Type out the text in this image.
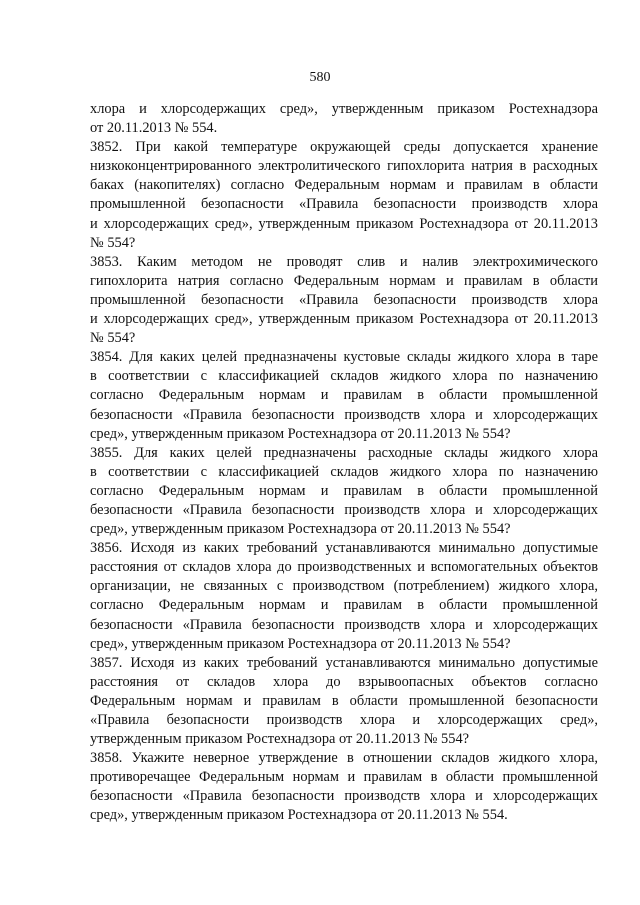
580
хлора и хлорсодержащих сред», утвержденным приказом Ростехнадзора
от 20.11.2013 № 554.
3852. При какой температуре окружающей среды допускается хранение
низкоконцентрированного электролитического гипохлорита натрия в расходных
баках (накопителях) согласно Федеральным нормам и правилам в области
промышленной безопасности «Правила безопасности производств хлора
и хлорсодержащих сред», утвержденным приказом Ростехнадзора от 20.11.2013
№ 554?
3853. Каким методом не проводят слив и налив электрохимического
гипохлорита натрия согласно Федеральным нормам и правилам в области
промышленной безопасности «Правила безопасности производств хлора
и хлорсодержащих сред», утвержденным приказом Ростехнадзора от 20.11.2013
№ 554?
3854. Для каких целей предназначены кустовые склады жидкого хлора в таре
в соответствии с классификацией складов жидкого хлора по назначению
согласно Федеральным нормам и правилам в области промышленной
безопасности «Правила безопасности производств хлора и хлорсодержащих
сред», утвержденным приказом Ростехнадзора от 20.11.2013 № 554?
3855. Для каких целей предназначены расходные склады жидкого хлора
в соответствии с классификацией складов жидкого хлора по назначению
согласно Федеральным нормам и правилам в области промышленной
безопасности «Правила безопасности производств хлора и хлорсодержащих
сред», утвержденным приказом Ростехнадзора от 20.11.2013 № 554?
3856. Исходя из каких требований устанавливаются минимально допустимые
расстояния от складов хлора до производственных и вспомогательных объектов
организации, не связанных с производством (потреблением) жидкого хлора,
согласно Федеральным нормам и правилам в области промышленной
безопасности «Правила безопасности производств хлора и хлорсодержащих
сред», утвержденным приказом Ростехнадзора от 20.11.2013 № 554?
3857. Исходя из каких требований устанавливаются минимально допустимые
расстояния от складов хлора до взрывоопасных объектов согласно
Федеральным нормам и правилам в области промышленной безопасности
«Правила безопасности производств хлора и хлорсодержащих сред»,
утвержденным приказом Ростехнадзора от 20.11.2013 № 554?
3858. Укажите неверное утверждение в отношении складов жидкого хлора,
противоречащее Федеральным нормам и правилам в области промышленной
безопасности «Правила безопасности производств хлора и хлорсодержащих
сред», утвержденным приказом Ростехнадзора от 20.11.2013 № 554.
